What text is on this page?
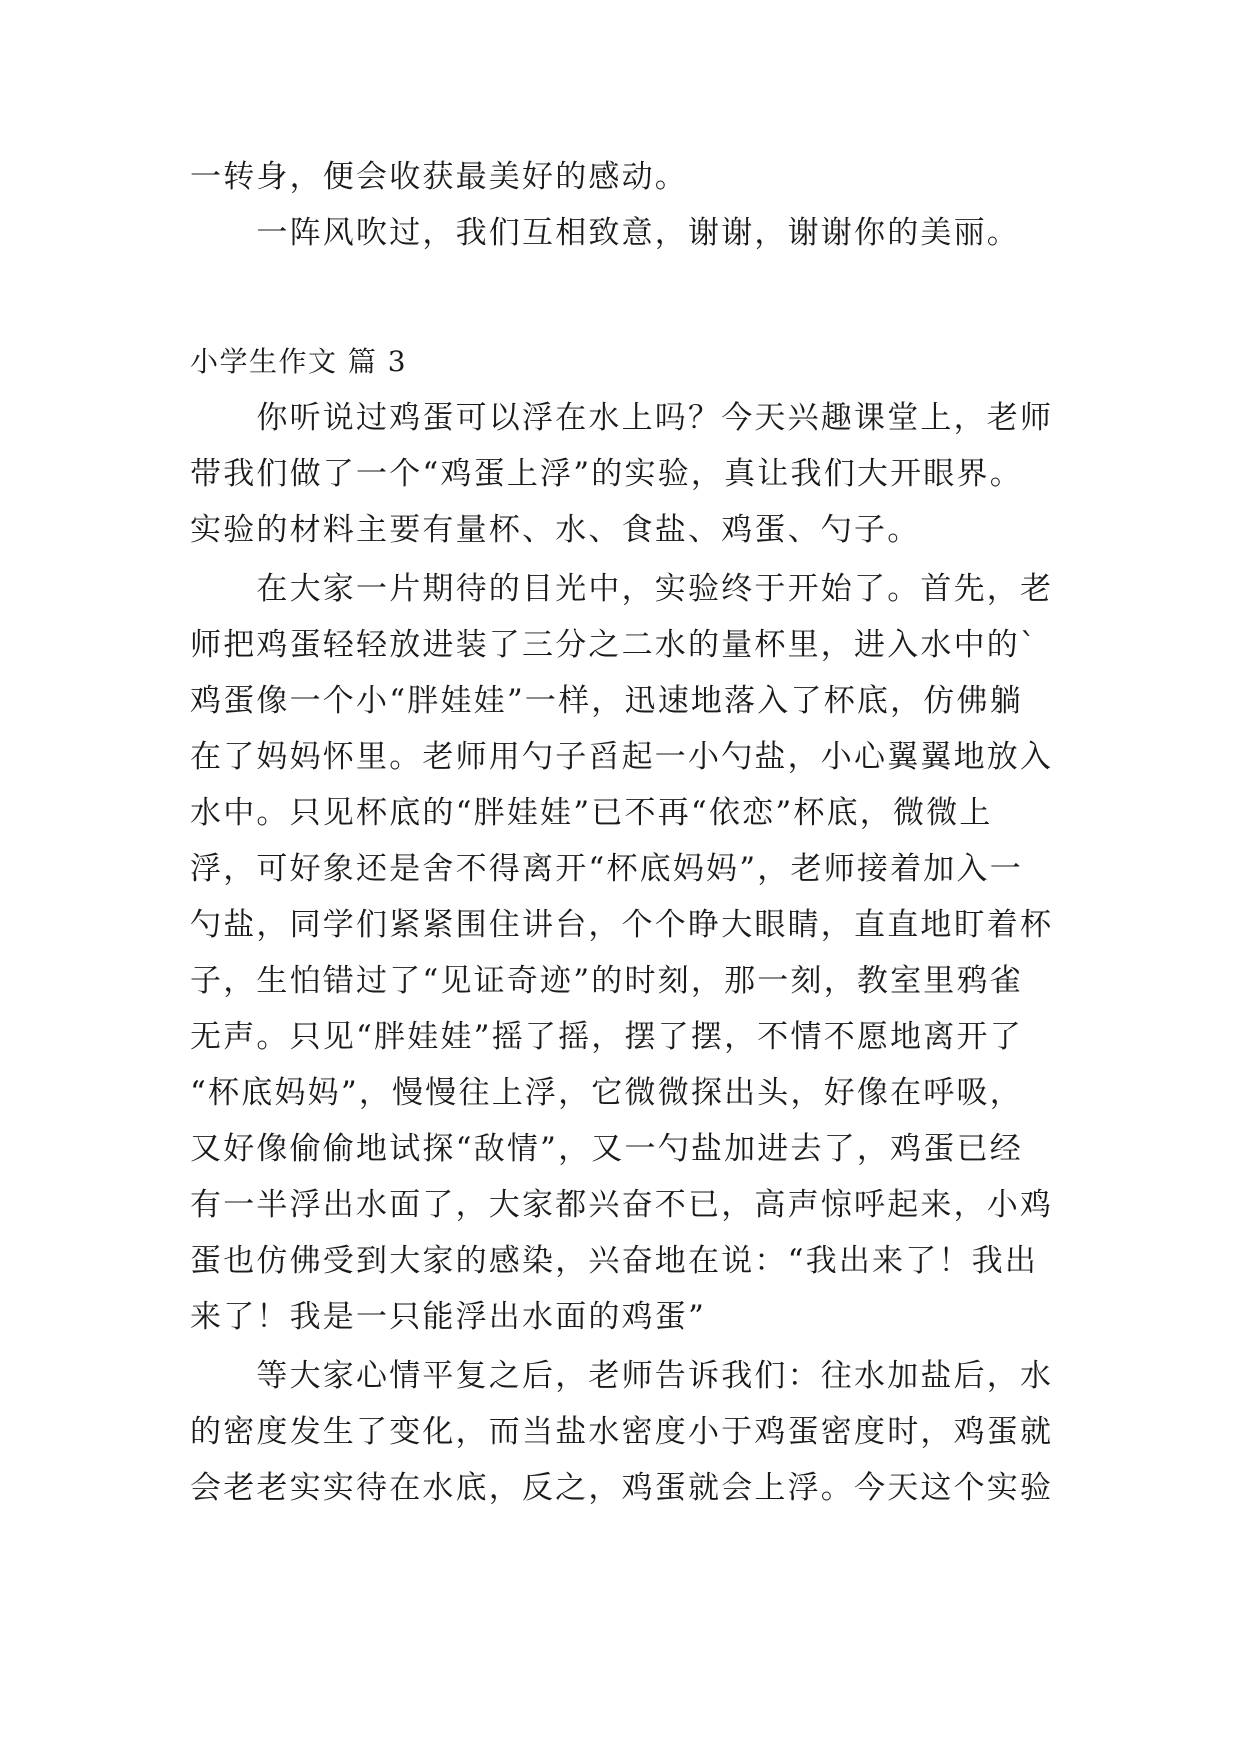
一转身，便会收获最美好的感动。

　　一阵风吹过，我们互相致意，谢谢，谢谢你的美丽。

小学生作文 篇 3

　　你听说过鸡蛋可以浮在水上吗？今天兴趣课堂上，老师

带我们做了一个“鸡蛋上浮”的实验，真让我们大开眼界。

实验的材料主要有量杯、水、食盐、鸡蛋、勺子。

　　在大家一片期待的目光中，实验终于开始了。首先，老

师把鸡蛋轻轻放进装了三分之二水的量杯里，进入水中的`

鸡蛋像一个小“胖娃娃”一样，迅速地落入了杯底，仿佛躺

在了妈妈怀里。老师用勺子舀起一小勺盐，小心翼翼地放入

水中。只见杯底的“胖娃娃”已不再“依恋”杯底，微微上

浮，可好象还是舍不得离开“杯底妈妈”，老师接着加入一

勺盐，同学们紧紧围住讲台，个个睁大眼睛，直直地盯着杯

子，生怕错过了“见证奇迹”的时刻，那一刻，教室里鸦雀

无声。只见“胖娃娃”摇了摇，摆了摆，不情不愿地离开了

“杯底妈妈”，慢慢往上浮，它微微探出头，好像在呼吸，

又好像偷偷地试探“敌情”，又一勺盐加进去了，鸡蛋已经

有一半浮出水面了，大家都兴奋不已，高声惊呼起来，小鸡

蛋也仿佛受到大家的感染，兴奋地在说：“我出来了！我出

来了！我是一只能浮出水面的鸡蛋”

　　等大家心情平复之后，老师告诉我们：往水加盐后，水

的密度发生了变化，而当盐水密度小于鸡蛋密度时，鸡蛋就

会老老实实待在水底，反之，鸡蛋就会上浮。今天这个实验
